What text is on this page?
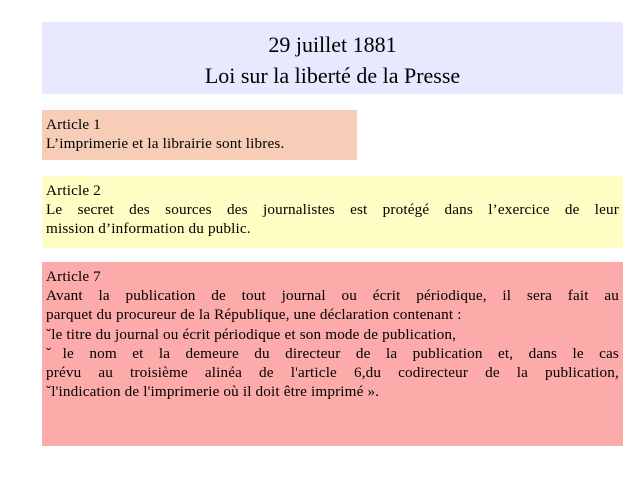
29 juillet 1881
Loi sur la liberté de la Presse
Article 1
L’imprimerie et la librairie sont libres.
Article 2
Le secret des sources des journalistes est protégé dans l’exercice de leur
mission d’information du public.
Article 7
Avant la publication de tout journal ou écrit périodique, il sera fait au
parquet du procureur de la République, une déclaration contenant :
ˇle titre du journal ou écrit périodique et son mode de publication,
ˇle nom et la demeure du directeur de la publication et, dans le cas
prévu au troisième alinéa de l'article 6,du codirecteur de la publication,
ˇl'indication de l'imprimerie où il doit être imprimé ».
